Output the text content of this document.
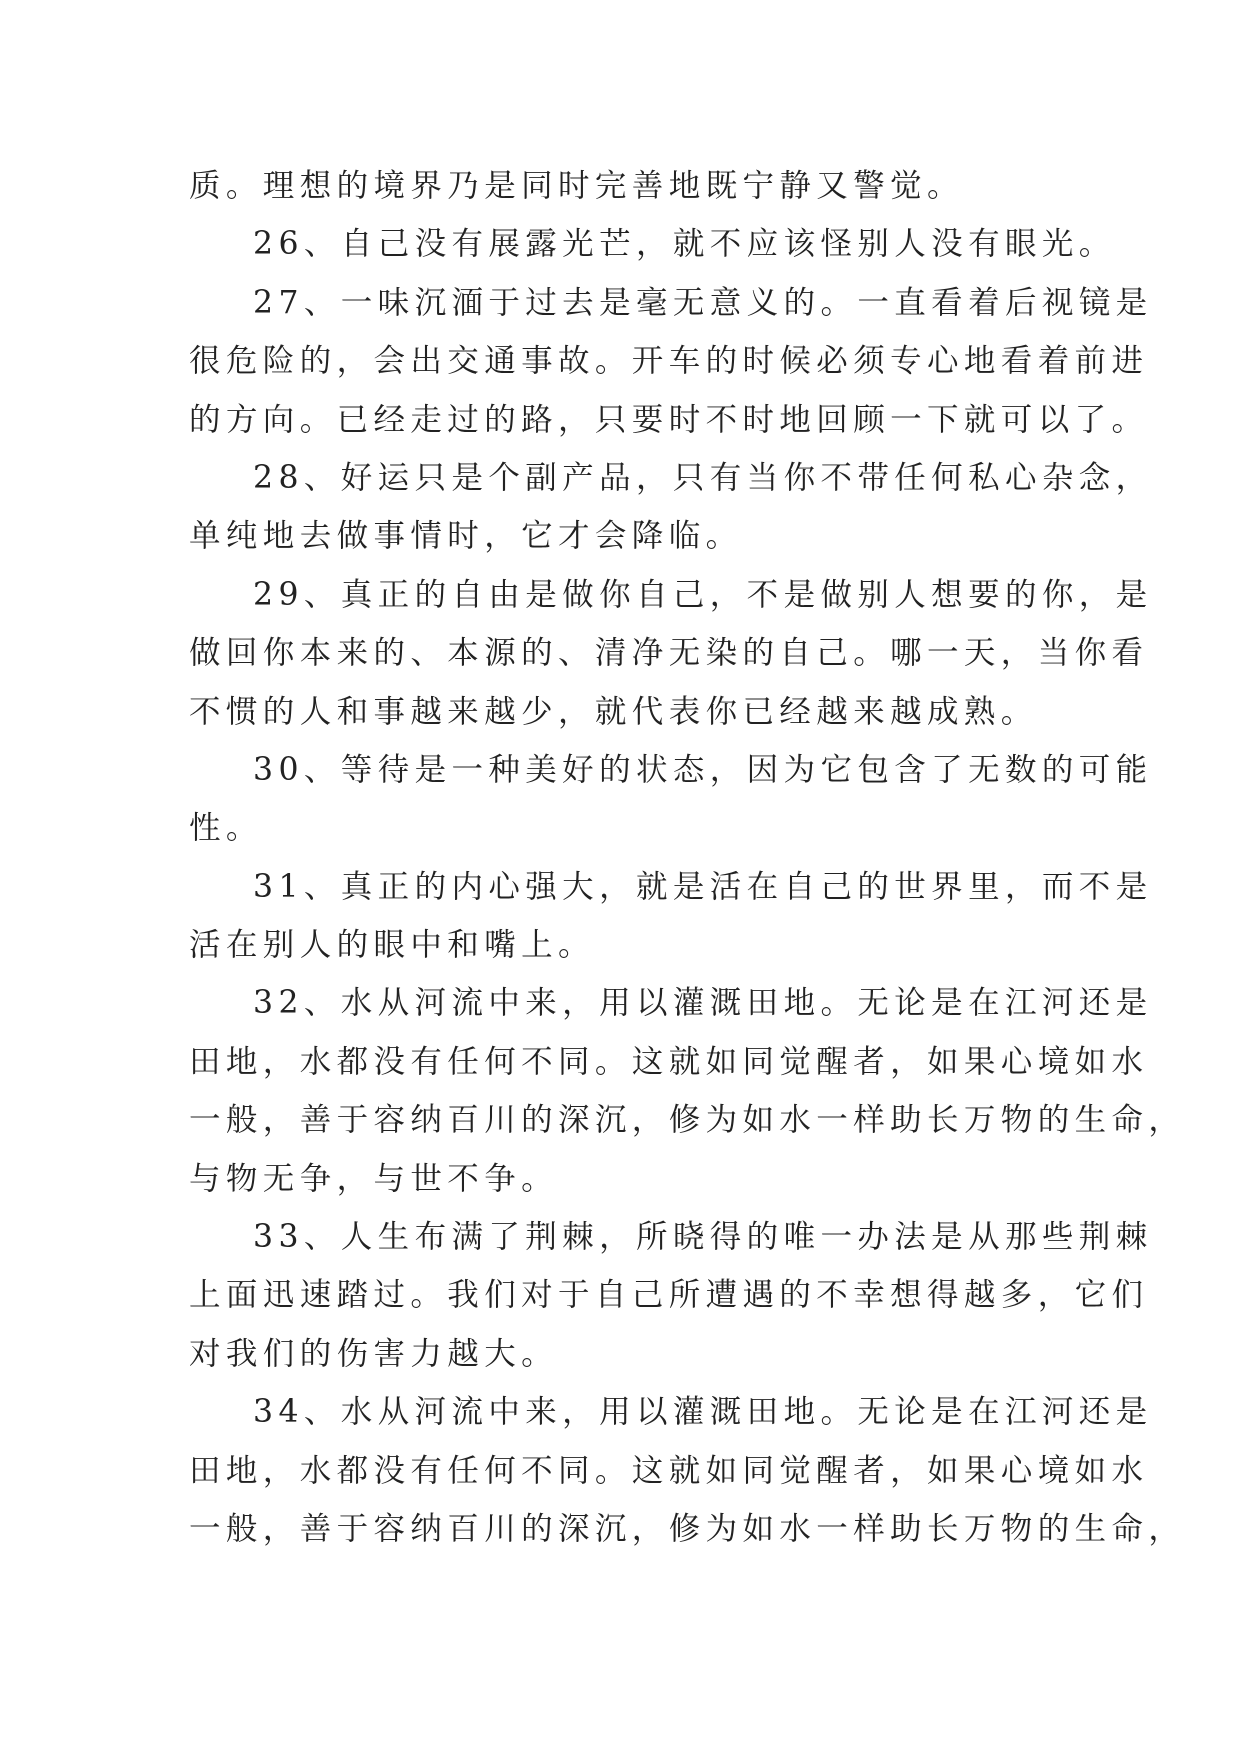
质。理想的境界乃是同时完善地既宁静又警觉。
26、自己没有展露光芒，就不应该怪别人没有眼光。
27、一味沉湎于过去是毫无意义的。一直看着后视镜是
很危险的，会出交通事故。开车的时候必须专心地看着前进
的方向。已经走过的路，只要时不时地回顾一下就可以了。
28、好运只是个副产品，只有当你不带任何私心杂念，
单纯地去做事情时，它才会降临。
29、真正的自由是做你自己，不是做别人想要的你，是
做回你本来的、本源的、清净无染的自己。哪一天，当你看
不惯的人和事越来越少，就代表你已经越来越成熟。
30、等待是一种美好的状态，因为它包含了无数的可能
性。
31、真正的内心强大，就是活在自己的世界里，而不是
活在别人的眼中和嘴上。
32、水从河流中来，用以灌溉田地。无论是在江河还是
田地，水都没有任何不同。这就如同觉醒者，如果心境如水
一般，善于容纳百川的深沉，修为如水一样助长万物的生命，
与物无争，与世不争。
33、人生布满了荆棘，所晓得的唯一办法是从那些荆棘
上面迅速踏过。我们对于自己所遭遇的不幸想得越多，它们
对我们的伤害力越大。
34、水从河流中来，用以灌溉田地。无论是在江河还是
田地，水都没有任何不同。这就如同觉醒者，如果心境如水
一般，善于容纳百川的深沉，修为如水一样助长万物的生命，
